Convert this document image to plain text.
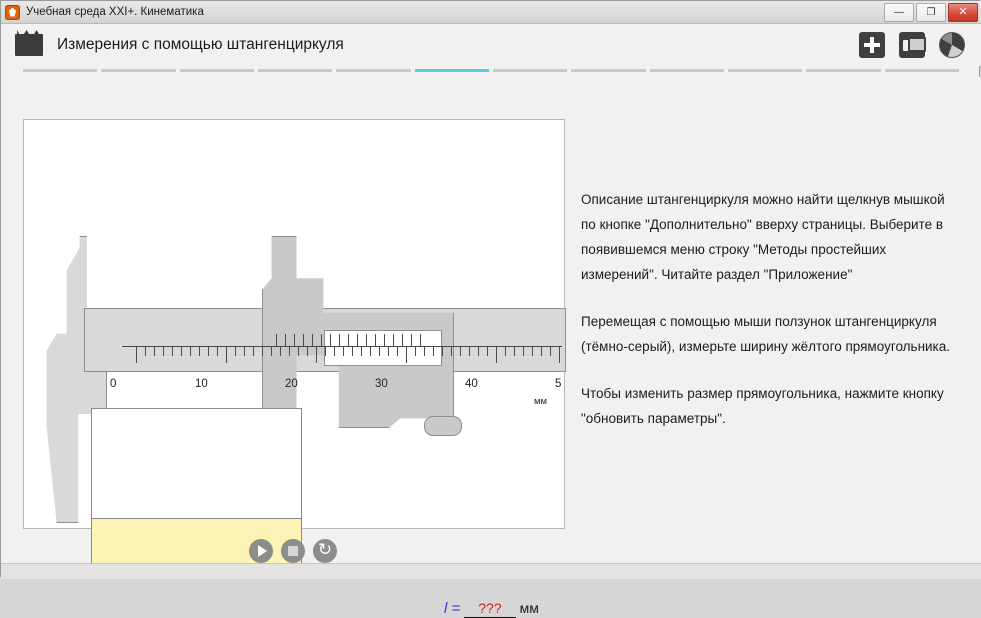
Учебная среда XXI+. Кинематика	—	❐	✕
Измерения с помощью штангенциркуля
0	10	20	30	40	5
мм
l = ??? мм

Описание штангенциркуля можно найти щелкнув мышкой по кнопке "Дополнительно" вверху страницы. Выберите в появившемся меню строку "Методы простейших измерений". Читайте раздел "Приложение"

Перемещая с помощью мыши ползунок штангенциркуля (тёмно-серый), измерьте ширину жёлтого прямоугольника.

Чтобы изменить размер прямоугольника, нажмите кнопку "обновить параметры".

↺
